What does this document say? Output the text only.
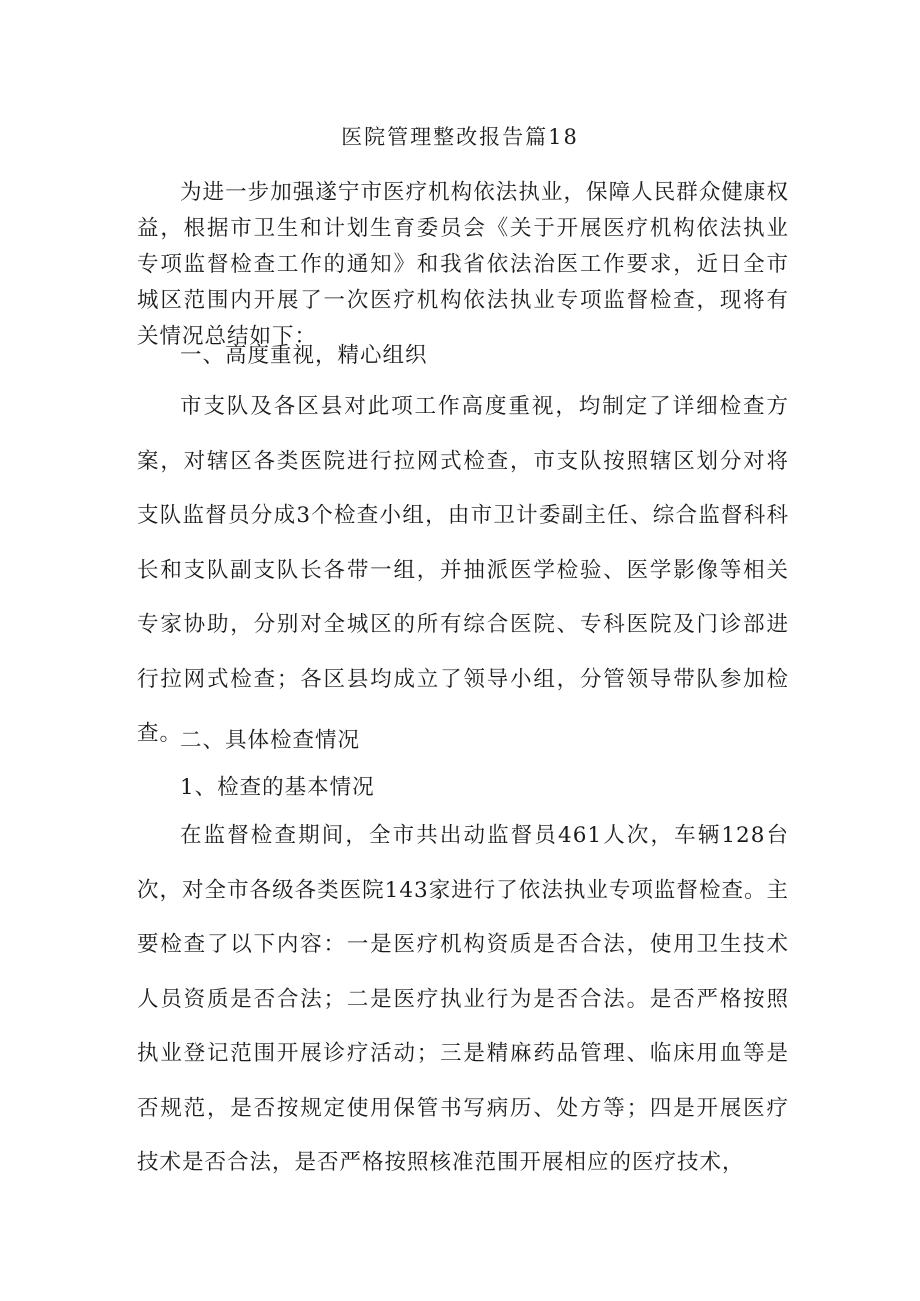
医院管理整改报告篇18

为进一步加强遂宁市医疗机构依法执业，保障人民群众健康权益，根据市卫生和计划生育委员会《关于开展医疗机构依法执业专项监督检查工作的通知》和我省依法治医工作要求，近日全市城区范围内开展了一次医疗机构依法执业专项监督检查，现将有关情况总结如下：

一、高度重视，精心组织

市支队及各区县对此项工作高度重视，均制定了详细检查方案，对辖区各类医院进行拉网式检查，市支队按照辖区划分对将支队监督员分成3个检查小组，由市卫计委副主任、综合监督科科长和支队副支队长各带一组，并抽派医学检验、医学影像等相关专家协助，分别对全城区的所有综合医院、专科医院及门诊部进行拉网式检查；各区县均成立了领导小组，分管领导带队参加检查。

二、具体检查情况
1、检查的基本情况

在监督检查期间，全市共出动监督员461人次，车辆128台次，对全市各级各类医院143家进行了依法执业专项监督检查。主要检查了以下内容：一是医疗机构资质是否合法，使用卫生技术人员资质是否合法；二是医疗执业行为是否合法。是否严格按照执业登记范围开展诊疗活动；三是精麻药品管理、临床用血等是否规范，是否按规定使用保管书写病历、处方等；四是开展医疗技术是否合法，是否严格按照核准范围开展相应的医疗技术，
